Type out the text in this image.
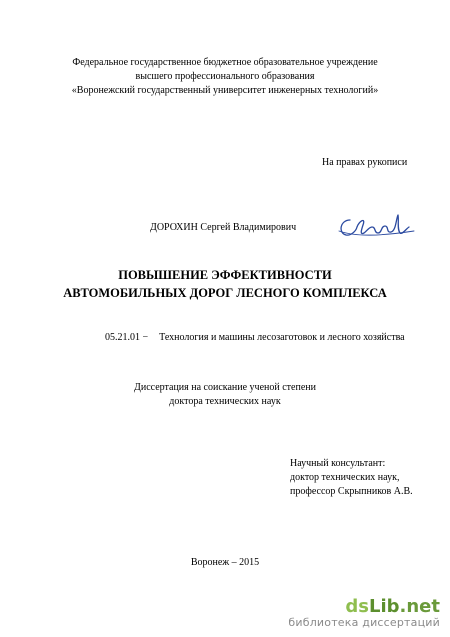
Федеральное государственное бюджетное образовательное учреждение
высшего профессионального образования
«Воронежский государственный университет инженерных технологий»
На правах рукописи
ДОРОХИН Сергей Владимирович
ПОВЫШЕНИЕ ЭФФЕКТИВНОСТИ
АВТОМОБИЛЬНЫХ ДОРОГ ЛЕСНОГО КОМПЛЕКСА
05.21.01 − Технология и машины лесозаготовок и лесного хозяйства
Диссертация на соискание ученой степени
доктора технических наук
Научный консультант:
доктор технических наук,
профессор Скрыпников А.В.
Воронеж – 2015
dsLib.net
библиотека диссертаций
